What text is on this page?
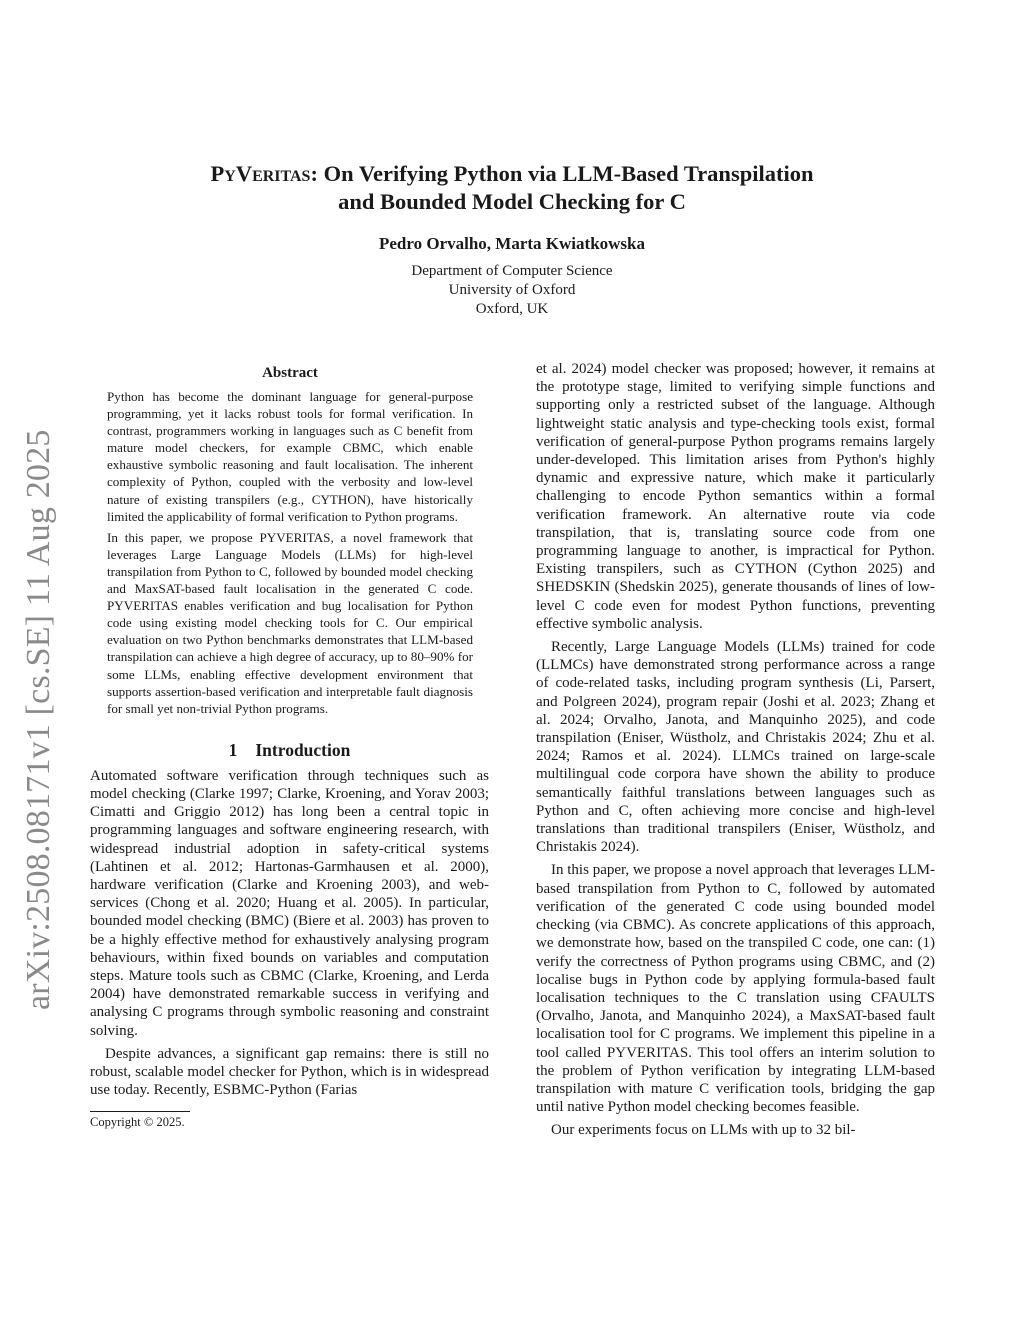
arXiv:2508.08171v1 [cs.SE] 11 Aug 2025
PyVeritas: On Verifying Python via LLM-Based Transpilation
and Bounded Model Checking for C
Pedro Orvalho, Marta Kwiatkowska
Department of Computer Science
University of Oxford
Oxford, UK
Abstract

Python has become the dominant language for general-purpose programming, yet it lacks robust tools for formal verification. In contrast, programmers working in languages such as C benefit from mature model checkers, for example CBMC, which enable exhaustive symbolic reasoning and fault localisation. The inherent complexity of Python, coupled with the verbosity and low-level nature of existing transpilers (e.g., CYTHON), have historically limited the applicability of formal verification to Python programs.

In this paper, we propose PYVERITAS, a novel framework that leverages Large Language Models (LLMs) for high-level transpilation from Python to C, followed by bounded model checking and MaxSAT-based fault localisation in the generated C code. PYVERITAS enables verification and bug localisation for Python code using existing model checking tools for C. Our empirical evaluation on two Python benchmarks demonstrates that LLM-based transpilation can achieve a high degree of accuracy, up to 80–90% for some LLMs, enabling effective development environment that supports assertion-based verification and interpretable fault diagnosis for small yet non-trivial Python programs.

1 Introduction

Automated software verification through techniques such as model checking (Clarke 1997; Clarke, Kroening, and Yorav 2003; Cimatti and Griggio 2012) has long been a central topic in programming languages and software engineering research, with widespread industrial adoption in safety-critical systems (Lahtinen et al. 2012; Hartonas-Garmhausen et al. 2000), hardware verification (Clarke and Kroening 2003), and web-services (Chong et al. 2020; Huang et al. 2005). In particular, bounded model checking (BMC) (Biere et al. 2003) has proven to be a highly effective method for exhaustively analysing program behaviours, within fixed bounds on variables and computation steps. Mature tools such as CBMC (Clarke, Kroening, and Lerda 2004) have demonstrated remarkable success in verifying and analysing C programs through symbolic reasoning and constraint solving.

Despite advances, a significant gap remains: there is still no robust, scalable model checker for Python, which is in widespread use today. Recently, ESBMC-Python (Farias

Copyright © 2025.

et al. 2024) model checker was proposed; however, it remains at the prototype stage, limited to verifying simple functions and supporting only a restricted subset of the language. Although lightweight static analysis and type-checking tools exist, formal verification of general-purpose Python programs remains largely under-developed. This limitation arises from Python's highly dynamic and expressive nature, which make it particularly challenging to encode Python semantics within a formal verification framework. An alternative route via code transpilation, that is, translating source code from one programming language to another, is impractical for Python. Existing transpilers, such as CYTHON (Cython 2025) and SHEDSKIN (Shedskin 2025), generate thousands of lines of low-level C code even for modest Python functions, preventing effective symbolic analysis.

Recently, Large Language Models (LLMs) trained for code (LLMCs) have demonstrated strong performance across a range of code-related tasks, including program synthesis (Li, Parsert, and Polgreen 2024), program repair (Joshi et al. 2023; Zhang et al. 2024; Orvalho, Janota, and Manquinho 2025), and code transpilation (Eniser, Wüstholz, and Christakis 2024; Zhu et al. 2024; Ramos et al. 2024). LLMCs trained on large-scale multilingual code corpora have shown the ability to produce semantically faithful translations between languages such as Python and C, often achieving more concise and high-level translations than traditional transpilers (Eniser, Wüstholz, and Christakis 2024).

In this paper, we propose a novel approach that leverages LLM-based transpilation from Python to C, followed by automated verification of the generated C code using bounded model checking (via CBMC). As concrete applications of this approach, we demonstrate how, based on the transpiled C code, one can: (1) verify the correctness of Python programs using CBMC, and (2) localise bugs in Python code by applying formula-based fault localisation techniques to the C translation using CFAULTS (Orvalho, Janota, and Manquinho 2024), a MaxSAT-based fault localisation tool for C programs. We implement this pipeline in a tool called PYVERITAS. This tool offers an interim solution to the problem of Python verification by integrating LLM-based transpilation with mature C verification tools, bridging the gap until native Python model checking becomes feasible.

Our experiments focus on LLMs with up to 32 bil-
